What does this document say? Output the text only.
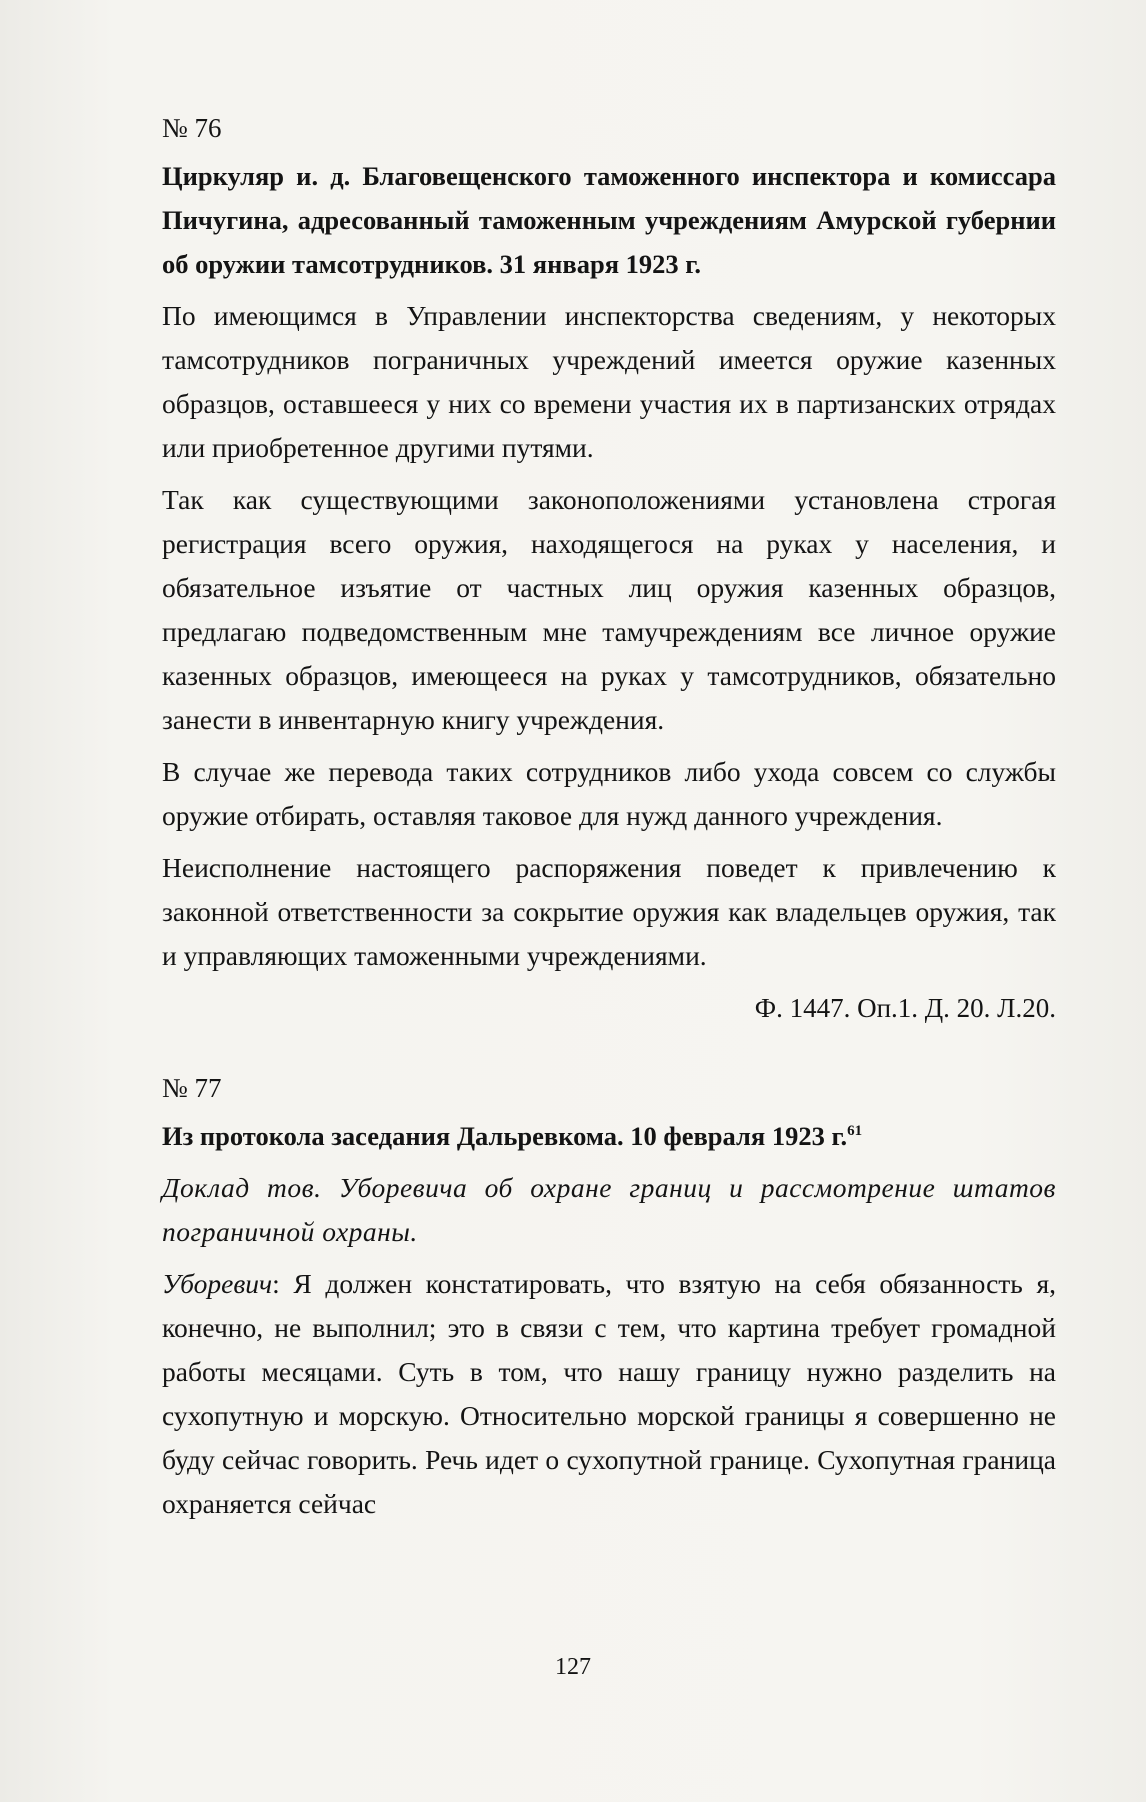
№ 76

Циркуляр и. д. Благовещенского таможенного инспектора и комиссара Пичугина, адресованный таможенным учреждениям Амурской губернии об оружии тамсотрудников. 31 января 1923 г.

По имеющимся в Управлении инспекторства сведениям, у некоторых тамсотрудников пограничных учреждений имеется оружие казенных образцов, оставшееся у них со времени участия их в партизанских отрядах или приобретенное другими путями.

Так как существующими законоположениями установлена строгая регистрация всего оружия, находящегося на руках у населения, и обязательное изъятие от частных лиц оружия казенных образцов, предлагаю подведомственным мне тамучреждениям все личное оружие казенных образцов, имеющееся на руках у тамсотрудников, обязательно занести в инвентарную книгу учреждения.

В случае же перевода таких сотрудников либо ухода совсем со службы оружие отбирать, оставляя таковое для нужд данного учреждения.

Неисполнение настоящего распоряжения поведет к привлечению к законной ответственности за сокрытие оружия как владельцев оружия, так и управляющих таможенными учреждениями.

Ф. 1447. Оп.1. Д. 20. Л.20.
№ 77

Из протокола заседания Дальревкома. 10 февраля 1923 г.$^{61}$

Доклад тов. Уборевича об охране границ и рассмотрение штатов пограничной охраны.

Уборевич: Я должен констатировать, что взятую на себя обязанность я, конечно, не выполнил; это в связи с тем, что картина требует громадной работы месяцами. Суть в том, что нашу границу нужно разделить на сухопутную и морскую. Относительно морской границы я совершенно не буду сейчас говорить. Речь идет о сухопутной границе. Сухопутная граница охраняется сейчас

127
